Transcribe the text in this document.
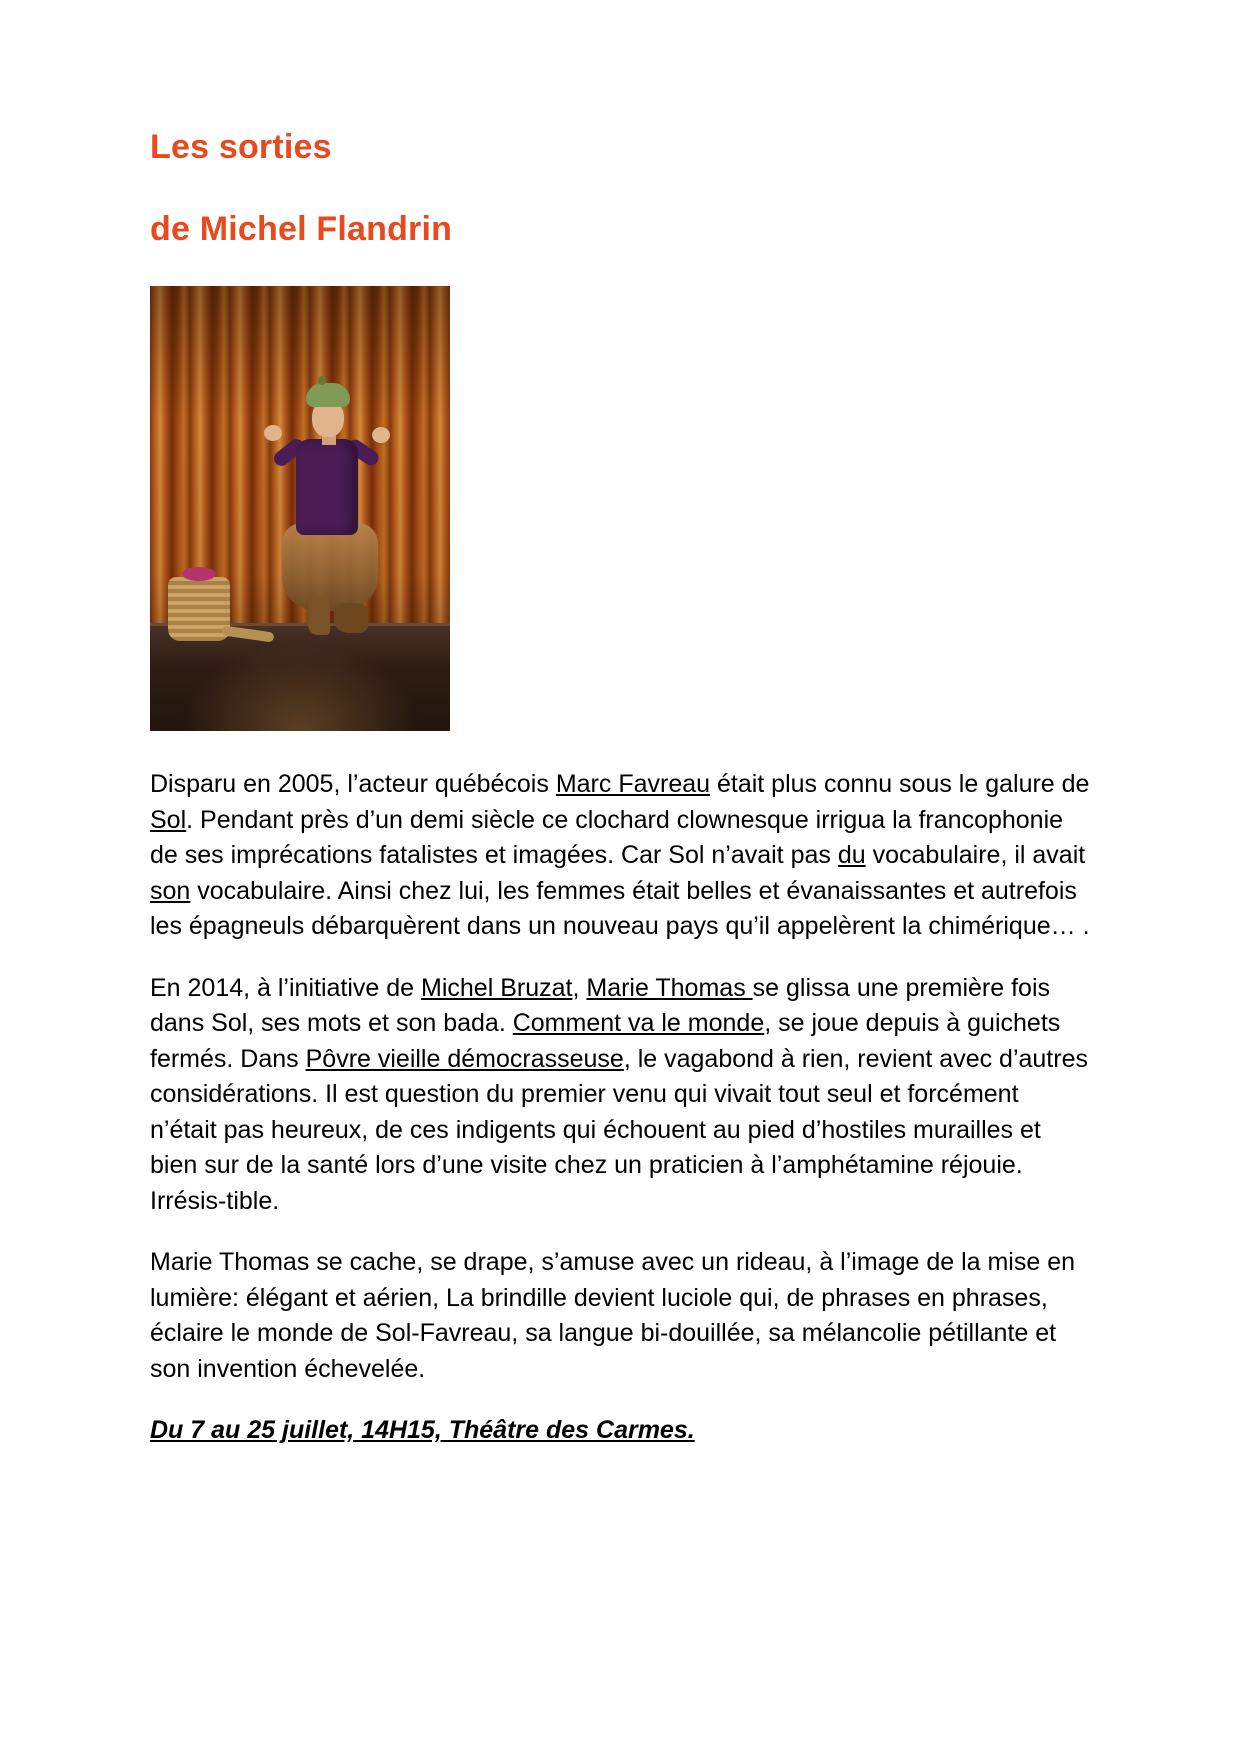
Les sorties
de Michel Flandrin

Disparu en 2005, l’acteur québécois Marc Favreau était plus connu sous le galure de Sol. Pendant près d’un demi siècle ce clochard clownesque irrigua la francophonie de ses imprécations fatalistes et imagées. Car Sol n’avait pas du vocabulaire, il avait son vocabulaire. Ainsi chez lui, les femmes était belles et évanaissantes et autrefois les épagneuls débarquèrent dans un nouveau pays qu’il appelèrent la chimérique… .

En 2014, à l’initiative de Michel Bruzat, Marie Thomas se glissa une première fois dans Sol, ses mots et son bada. Comment va le monde, se joue depuis à guichets fermés. Dans Pôvre vieille démocrasseuse, le vagabond à rien, revient avec d’autres considérations. Il est question du premier venu qui vivait tout seul et forcément n’était pas heureux, de ces indigents qui échouent au pied d’hostiles murailles et bien sur de la santé lors d’une visite chez un praticien à l’amphétamine réjouie. Irrésis-tible.

Marie Thomas se cache, se drape, s’amuse avec un rideau, à l’image de la mise en lumière: élégant et aérien, La brindille devient luciole qui, de phrases en phrases, éclaire le monde de Sol-Favreau, sa langue bi-douillée, sa mélancolie pétillante et son invention échevelée.

Du 7 au 25 juillet, 14H15, Théâtre des Carmes.
